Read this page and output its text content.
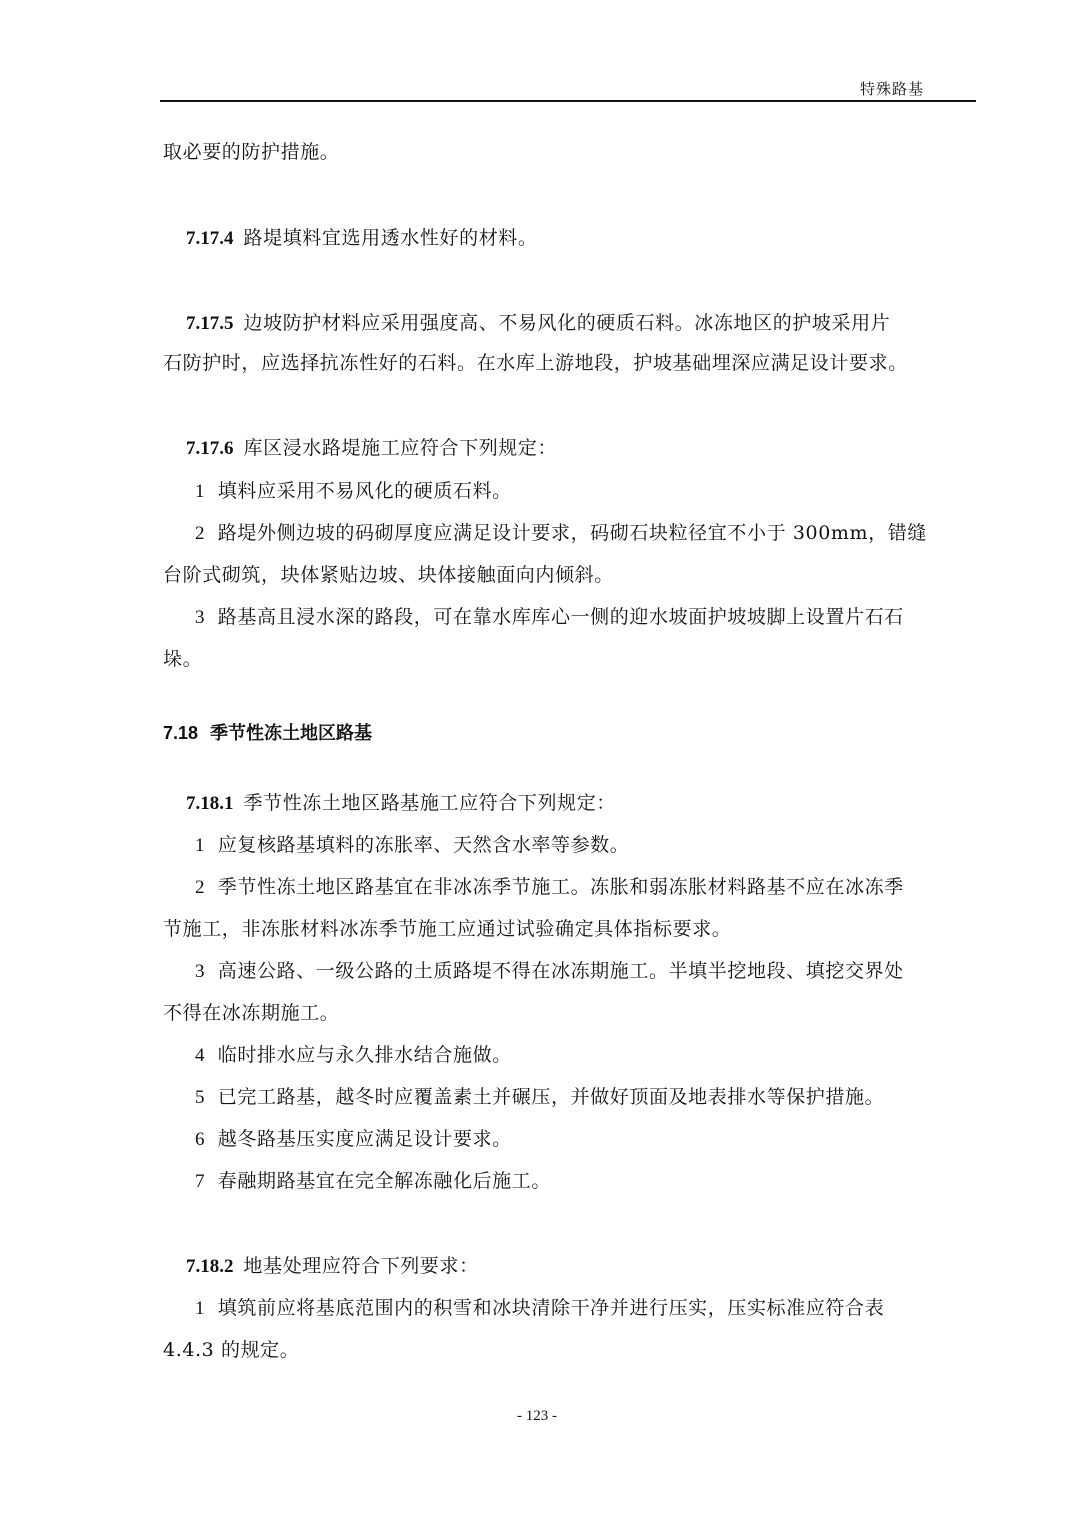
特殊路基
取必要的防护措施。
7.17.4 路堤填料宜选用透水性好的材料。
7.17.5 边坡防护材料应采用强度高、不易风化的硬质石料。冰冻地区的护坡采用片
石防护时，应选择抗冻性好的石料。在水库上游地段，护坡基础埋深应满足设计要求。
7.17.6 库区浸水路堤施工应符合下列规定：
1 填料应采用不易风化的硬质石料。
2 路堤外侧边坡的码砌厚度应满足设计要求，码砌石块粒径宜不小于 300mm，错缝
台阶式砌筑，块体紧贴边坡、块体接触面向内倾斜。
3 路基高且浸水深的路段，可在靠水库库心一侧的迎水坡面护坡坡脚上设置片石石
垛。
7.18 季节性冻土地区路基
7.18.1 季节性冻土地区路基施工应符合下列规定：
1 应复核路基填料的冻胀率、天然含水率等参数。
2 季节性冻土地区路基宜在非冰冻季节施工。冻胀和弱冻胀材料路基不应在冰冻季
节施工，非冻胀材料冰冻季节施工应通过试验确定具体指标要求。
3 高速公路、一级公路的土质路堤不得在冰冻期施工。半填半挖地段、填挖交界处
不得在冰冻期施工。
4 临时排水应与永久排水结合施做。
5 已完工路基，越冬时应覆盖素土并碾压，并做好顶面及地表排水等保护措施。
6 越冬路基压实度应满足设计要求。
7 春融期路基宜在完全解冻融化后施工。
7.18.2 地基处理应符合下列要求：
1 填筑前应将基底范围内的积雪和冰块清除干净并进行压实，压实标准应符合表
4.4.3 的规定。
- 123 -
